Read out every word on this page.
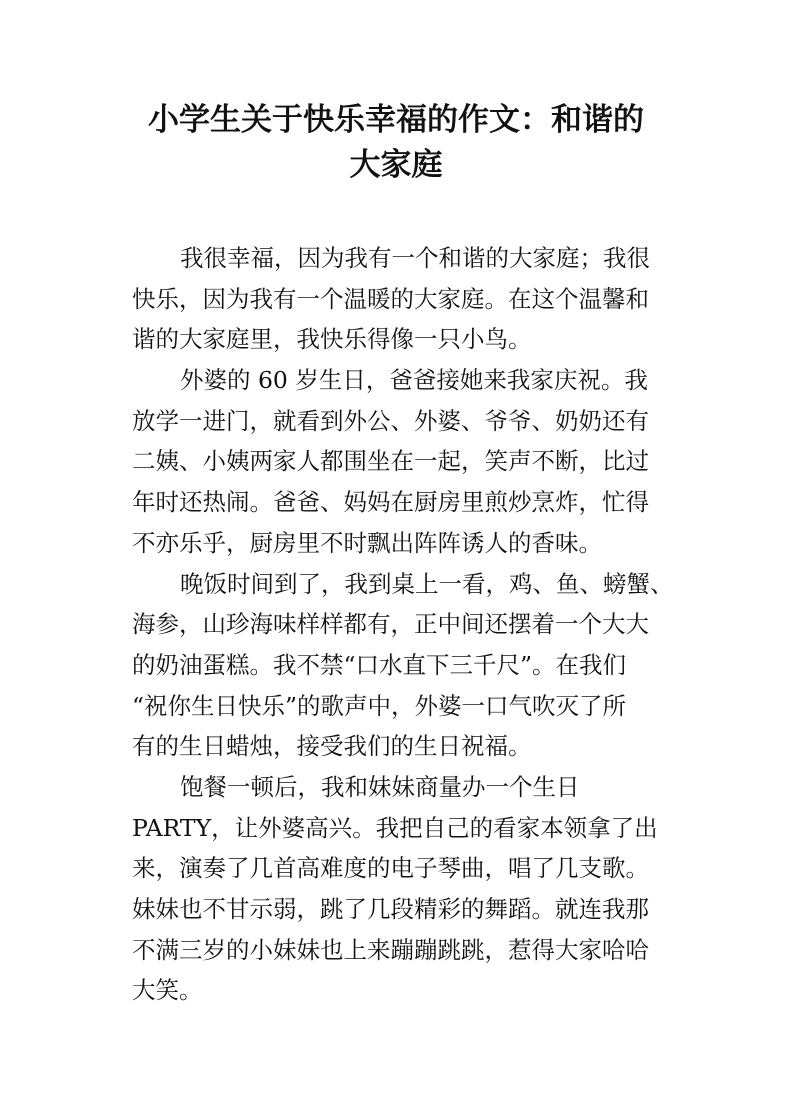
小学生关于快乐幸福的作文：和谐的
大家庭
我很幸福，因为我有一个和谐的大家庭；我很
快乐，因为我有一个温暖的大家庭。在这个温馨和
谐的大家庭里，我快乐得像一只小鸟。
外婆的 60 岁生日，爸爸接她来我家庆祝。我
放学一进门，就看到外公、外婆、爷爷、奶奶还有
二姨、小姨两家人都围坐在一起，笑声不断，比过
年时还热闹。爸爸、妈妈在厨房里煎炒烹炸，忙得
不亦乐乎，厨房里不时飘出阵阵诱人的香味。
晚饭时间到了，我到桌上一看，鸡、鱼、螃蟹、
海参，山珍海味样样都有，正中间还摆着一个大大
的奶油蛋糕。我不禁“口水直下三千尺”。在我们
“祝你生日快乐”的歌声中，外婆一口气吹灭了所
有的生日蜡烛，接受我们的生日祝福。
饱餐一顿后，我和妹妹商量办一个生日
PARTY，让外婆高兴。我把自己的看家本领拿了出
来，演奏了几首高难度的电子琴曲，唱了几支歌。
妹妹也不甘示弱，跳了几段精彩的舞蹈。就连我那
不满三岁的小妹妹也上来蹦蹦跳跳，惹得大家哈哈
大笑。
